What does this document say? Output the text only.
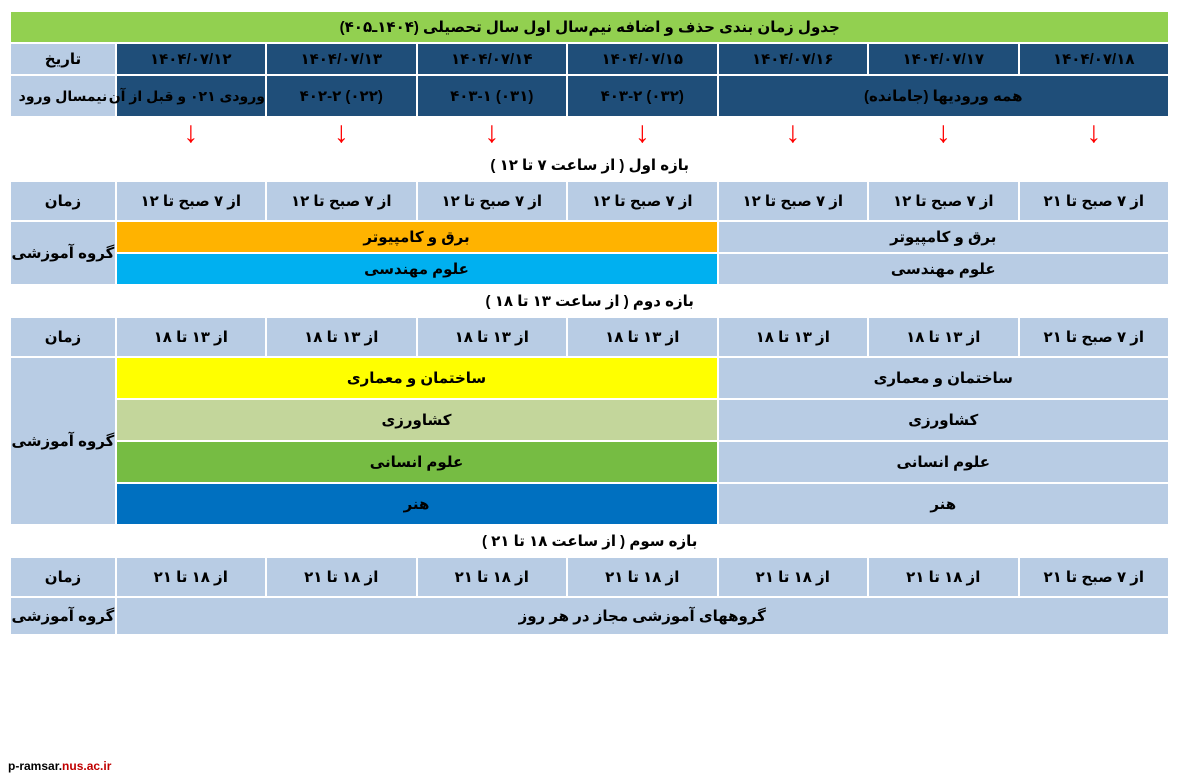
جدول زمان بندی حذف و اضافه نیم‌سال اول سال تحصیلی (۱۴۰۴ـ۴۰۵)							
۱۴۰۴/۰۷/۱۸	۱۴۰۴/۰۷/۱۷	۱۴۰۴/۰۷/۱۶	۱۴۰۴/۰۷/۱۵	۱۴۰۴/۰۷/۱۴	۱۴۰۴/۰۷/۱۳	۱۴۰۴/۰۷/۱۲	تاریخ
همه ورودیها (جامانده)			(۰۳۲) ۴۰۳-۲	(۰۳۱) ۴۰۳-۱	(۰۲۲) ۴۰۲-۲	ورودی ۰۲۱ و قبل از آن	نیمسال ورود
↓	↓	↓	↓	↓	↓	↓	
بازه اول ( از ساعت ۷ تا ۱۲ )							
از ۷ صبح تا ۲۱	از ۷ صبح تا ۱۲	از ۷ صبح تا ۱۲	از ۷ صبح تا ۱۲	از ۷ صبح تا ۱۲	از ۷ صبح تا ۱۲	از ۷ صبح تا ۱۲	زمان
برق و کامپیوتر			برق و کامپیوتر				گروه آموزشی
علوم مهندسی			علوم مهندسی				
بازه دوم ( از ساعت ۱۳ تا ۱۸ )							
از ۷ صبح تا ۲۱	از ۱۳ تا ۱۸	از ۱۳ تا ۱۸	از ۱۳ تا ۱۸	از ۱۳ تا ۱۸	از ۱۳ تا ۱۸	از ۱۳ تا ۱۸	زمان
ساختمان و معماری			ساختمان و معماری				گروه آموزشی
کشاورزی			کشاورزی				
علوم انسانی			علوم انسانی				
هنر			هنر				
بازه سوم ( از ساعت ۱۸ تا ۲۱ )							
از ۷ صبح تا ۲۱	از ۱۸ تا ۲۱	از ۱۸ تا ۲۱	از ۱۸ تا ۲۱	از ۱۸ تا ۲۱	از ۱۸ تا ۲۱	از ۱۸ تا ۲۱	زمان
گروههای آموزشی مجاز در هر روز							گروه آموزشی
p-ramsar.nus.ac.ir
